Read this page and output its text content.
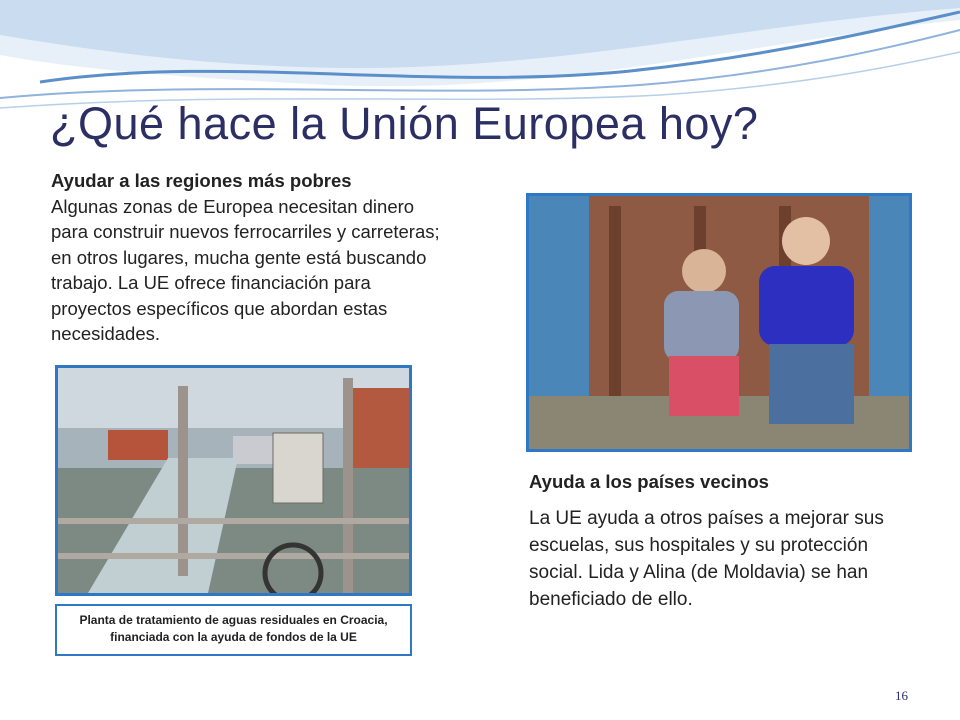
¿Qué hace la Unión Europea hoy?
Ayudar a las regiones más pobres
Algunas zonas de Europea necesitan dinero para construir nuevos ferrocarriles y carreteras; en otros lugares, mucha gente está buscando trabajo. La UE ofrece financiación para proyectos específicos que abordan estas necesidades.
Planta de tratamiento de aguas residuales en Croacia,
financiada con la ayuda de fondos de la UE
Ayuda a los países vecinos
La UE ayuda a otros países a mejorar sus escuelas, sus hospitales y su protección social. Lida y Alina (de Moldavia) se han beneficiado de ello.
16
